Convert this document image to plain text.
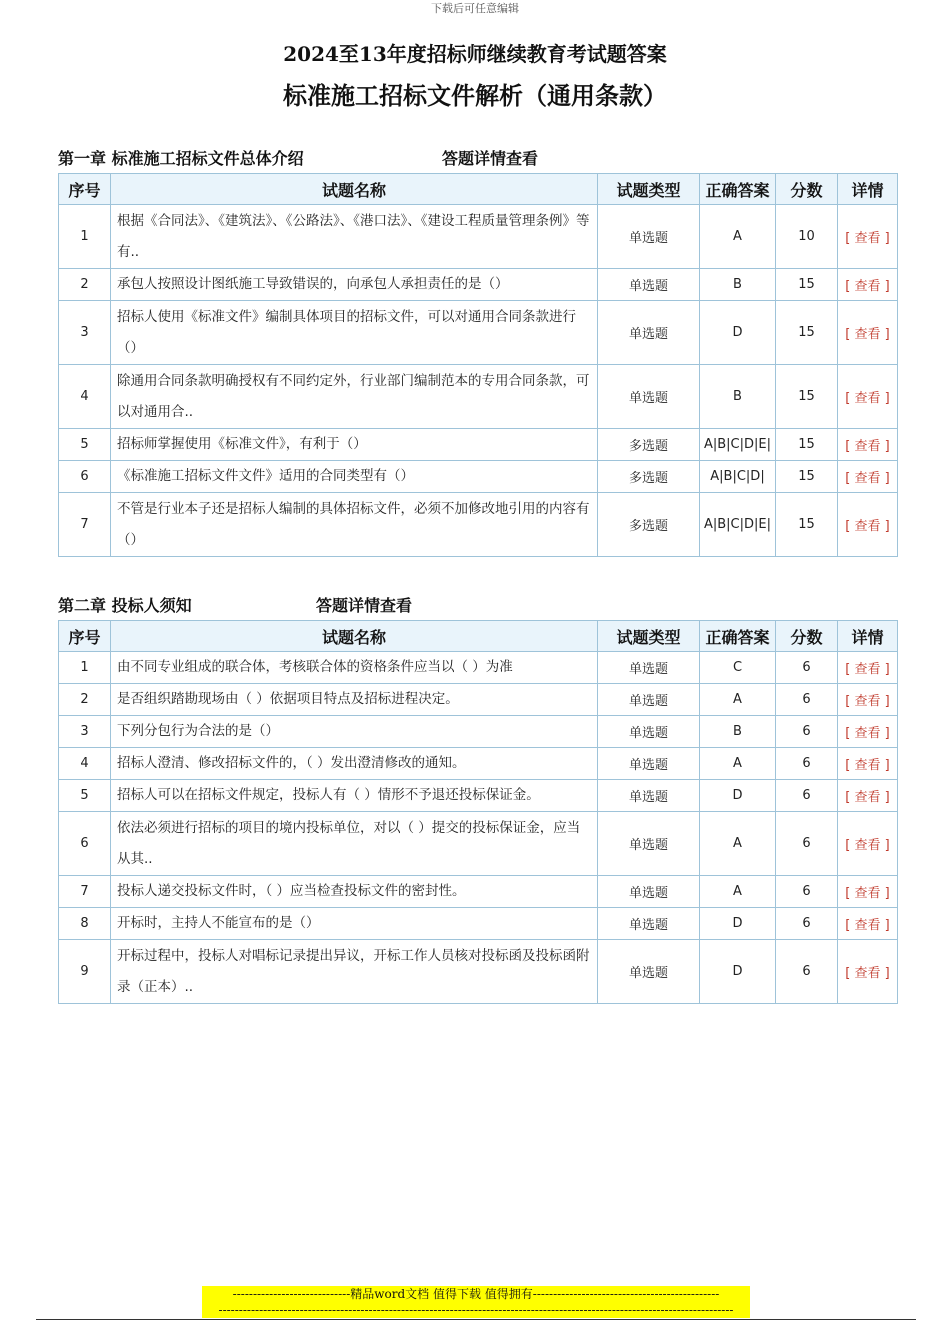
下载后可任意编辑
2024至13年度招标师继续教育考试题答案
标准施工招标文件解析（通用条款）
第一章 标准施工招标文件总体介绍	答题详情查看
序号	试题名称	试题类型	正确答案	分数	详情
1	根据《合同法》、《建筑法》、《公路法》、《港口法》、《建设工程质量管理条例》等有..	单选题	A	10	[ 查看 ]
2	承包人按照设计图纸施工导致错误的，向承包人承担责任的是（）	单选题	B	15	[ 查看 ]
3	招标人使用《标准文件》编制具体项目的招标文件，可以对通用合同条款进行（）	单选题	D	15	[ 查看 ]
4	除通用合同条款明确授权有不同约定外，行业部门编制范本的专用合同条款，可以对通用合..	单选题	B	15	[ 查看 ]
5	招标师掌握使用《标准文件》，有利于（）	多选题	A|B|C|D|E|	15	[ 查看 ]
6	《标准施工招标文件文件》适用的合同类型有（）	多选题	A|B|C|D|	15	[ 查看 ]
7	不管是行业本子还是招标人编制的具体招标文件，必须不加修改地引用的内容有（）	多选题	A|B|C|D|E|	15	[ 查看 ]
第二章 投标人须知	答题详情查看
序号	试题名称	试题类型	正确答案	分数	详情
1	由不同专业组成的联合体，考核联合体的资格条件应当以（ ）为准	单选题	C	6	[ 查看 ]
2	是否组织踏勘现场由（ ）依据项目特点及招标进程决定。	单选题	A	6	[ 查看 ]
3	下列分包行为合法的是（）	单选题	B	6	[ 查看 ]
4	招标人澄清、修改招标文件的，（ ）发出澄清修改的通知。	单选题	A	6	[ 查看 ]
5	招标人可以在招标文件规定，投标人有（ ）情形不予退还投标保证金。	单选题	D	6	[ 查看 ]
6	依法必须进行招标的项目的境内投标单位，对以（ ）提交的投标保证金，应当从其..	单选题	A	6	[ 查看 ]
7	投标人递交投标文件时，（ ）应当检查投标文件的密封性。	单选题	A	6	[ 查看 ]
8	开标时，主持人不能宣布的是（）	单选题	D	6	[ 查看 ]
9	开标过程中，投标人对唱标记录提出异议，开标工作人员核对投标函及投标函附录（正本）..	单选题	D	6	[ 查看 ]
-----------------------------精品word文档 值得下载 值得拥有----------------------------------------------
-------------------------------------------------------------------------------------------------------------------------------
